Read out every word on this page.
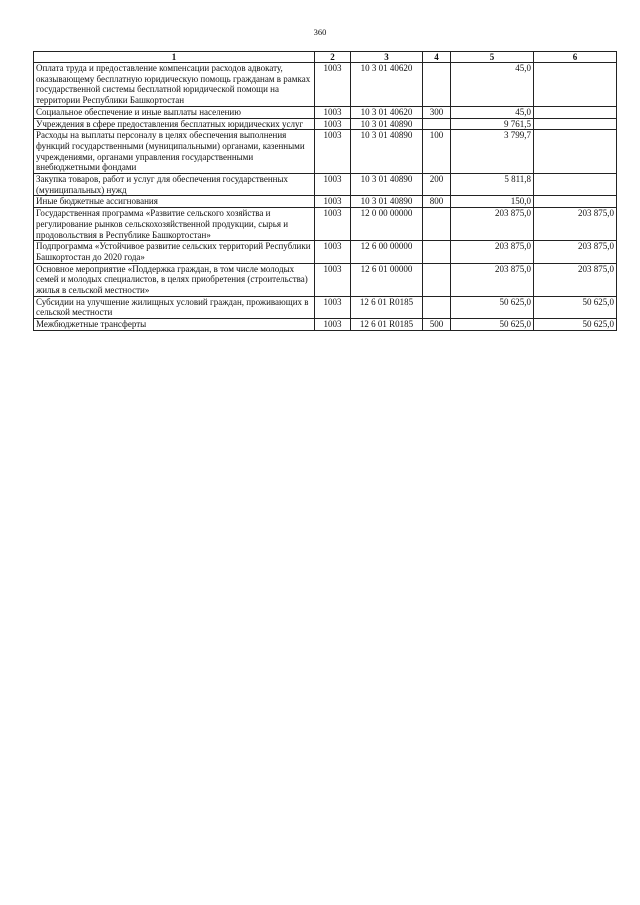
360
1	2	3	4	5	6
Оплата труда и предоставление компенсации расходов адвокату, оказывающему бесплатную юридическую помощь гражданам в рамках государственной системы бесплатной юридической помощи на территории Республики Башкортостан	1003	10 3 01 40620		45,0	
Социальное обеспечение и иные выплаты населению	1003	10 3 01 40620	300	45,0	
Учреждения в сфере предоставления бесплатных юридических услуг	1003	10 3 01 40890		9 761,5	
Расходы на выплаты персоналу в целях обеспечения выполнения функций государственными (муниципальными) органами, казенными учреждениями, органами управления государственными внебюджетными фондами	1003	10 3 01 40890	100	3 799,7	
Закупка товаров, работ и услуг для обеспечения государственных (муниципальных) нужд	1003	10 3 01 40890	200	5 811,8	
Иные бюджетные ассигнования	1003	10 3 01 40890	800	150,0	
Государственная программа «Развитие сельского хозяйства и регулирование рынков сельскохозяйственной продукции, сырья и продовольствия в Республике Башкортостан»	1003	12 0 00 00000		203 875,0	203 875,0
Подпрограмма «Устойчивое развитие сельских территорий Республики Башкортостан до 2020 года»	1003	12 6 00 00000		203 875,0	203 875,0
Основное мероприятие «Поддержка граждан, в том числе молодых семей и молодых специалистов, в целях приобретения (строительства) жилья в сельской местности»	1003	12 6 01 00000		203 875,0	203 875,0
Субсидии на улучшение жилищных условий граждан, проживающих в сельской местности	1003	12 6 01 R0185		50 625,0	50 625,0
Межбюджетные трансферты	1003	12 6 01 R0185	500	50 625,0	50 625,0
